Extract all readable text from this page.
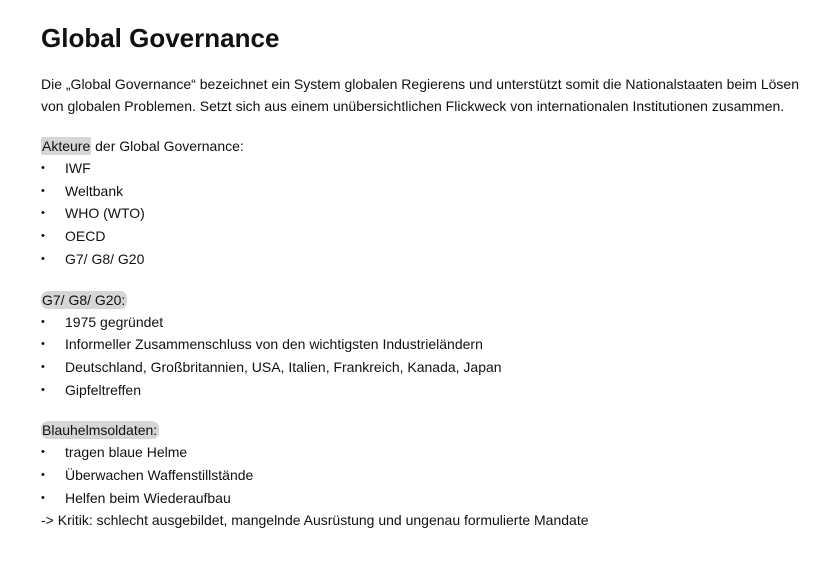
Global Governance

Die „Global Governance“ bezeichnet ein System globalen Regierens und unterstützt somit die Nationalstaaten beim Lösen von globalen Problemen. Setzt sich aus einem unübersichtlichen Flickweck von internationalen Institutionen zusammen.

Akteure der Global Governance:
• IWF
• Weltbank
• WHO (WTO)
• OECD
• G7/ G8/ G20
G7/ G8/ G20:
• 1975 gegründet
• Informeller Zusammenschluss von den wichtigsten Industrieländern
• Deutschland, Großbritannien, USA, Italien, Frankreich, Kanada, Japan
• Gipfeltreffen
Blauhelmsoldaten:
• tragen blaue Helme
• Überwachen Waffenstillstände
• Helfen beim Wiederaufbau
-> Kritik: schlecht ausgebildet, mangelnde Ausrüstung und ungenau formulierte Mandate
